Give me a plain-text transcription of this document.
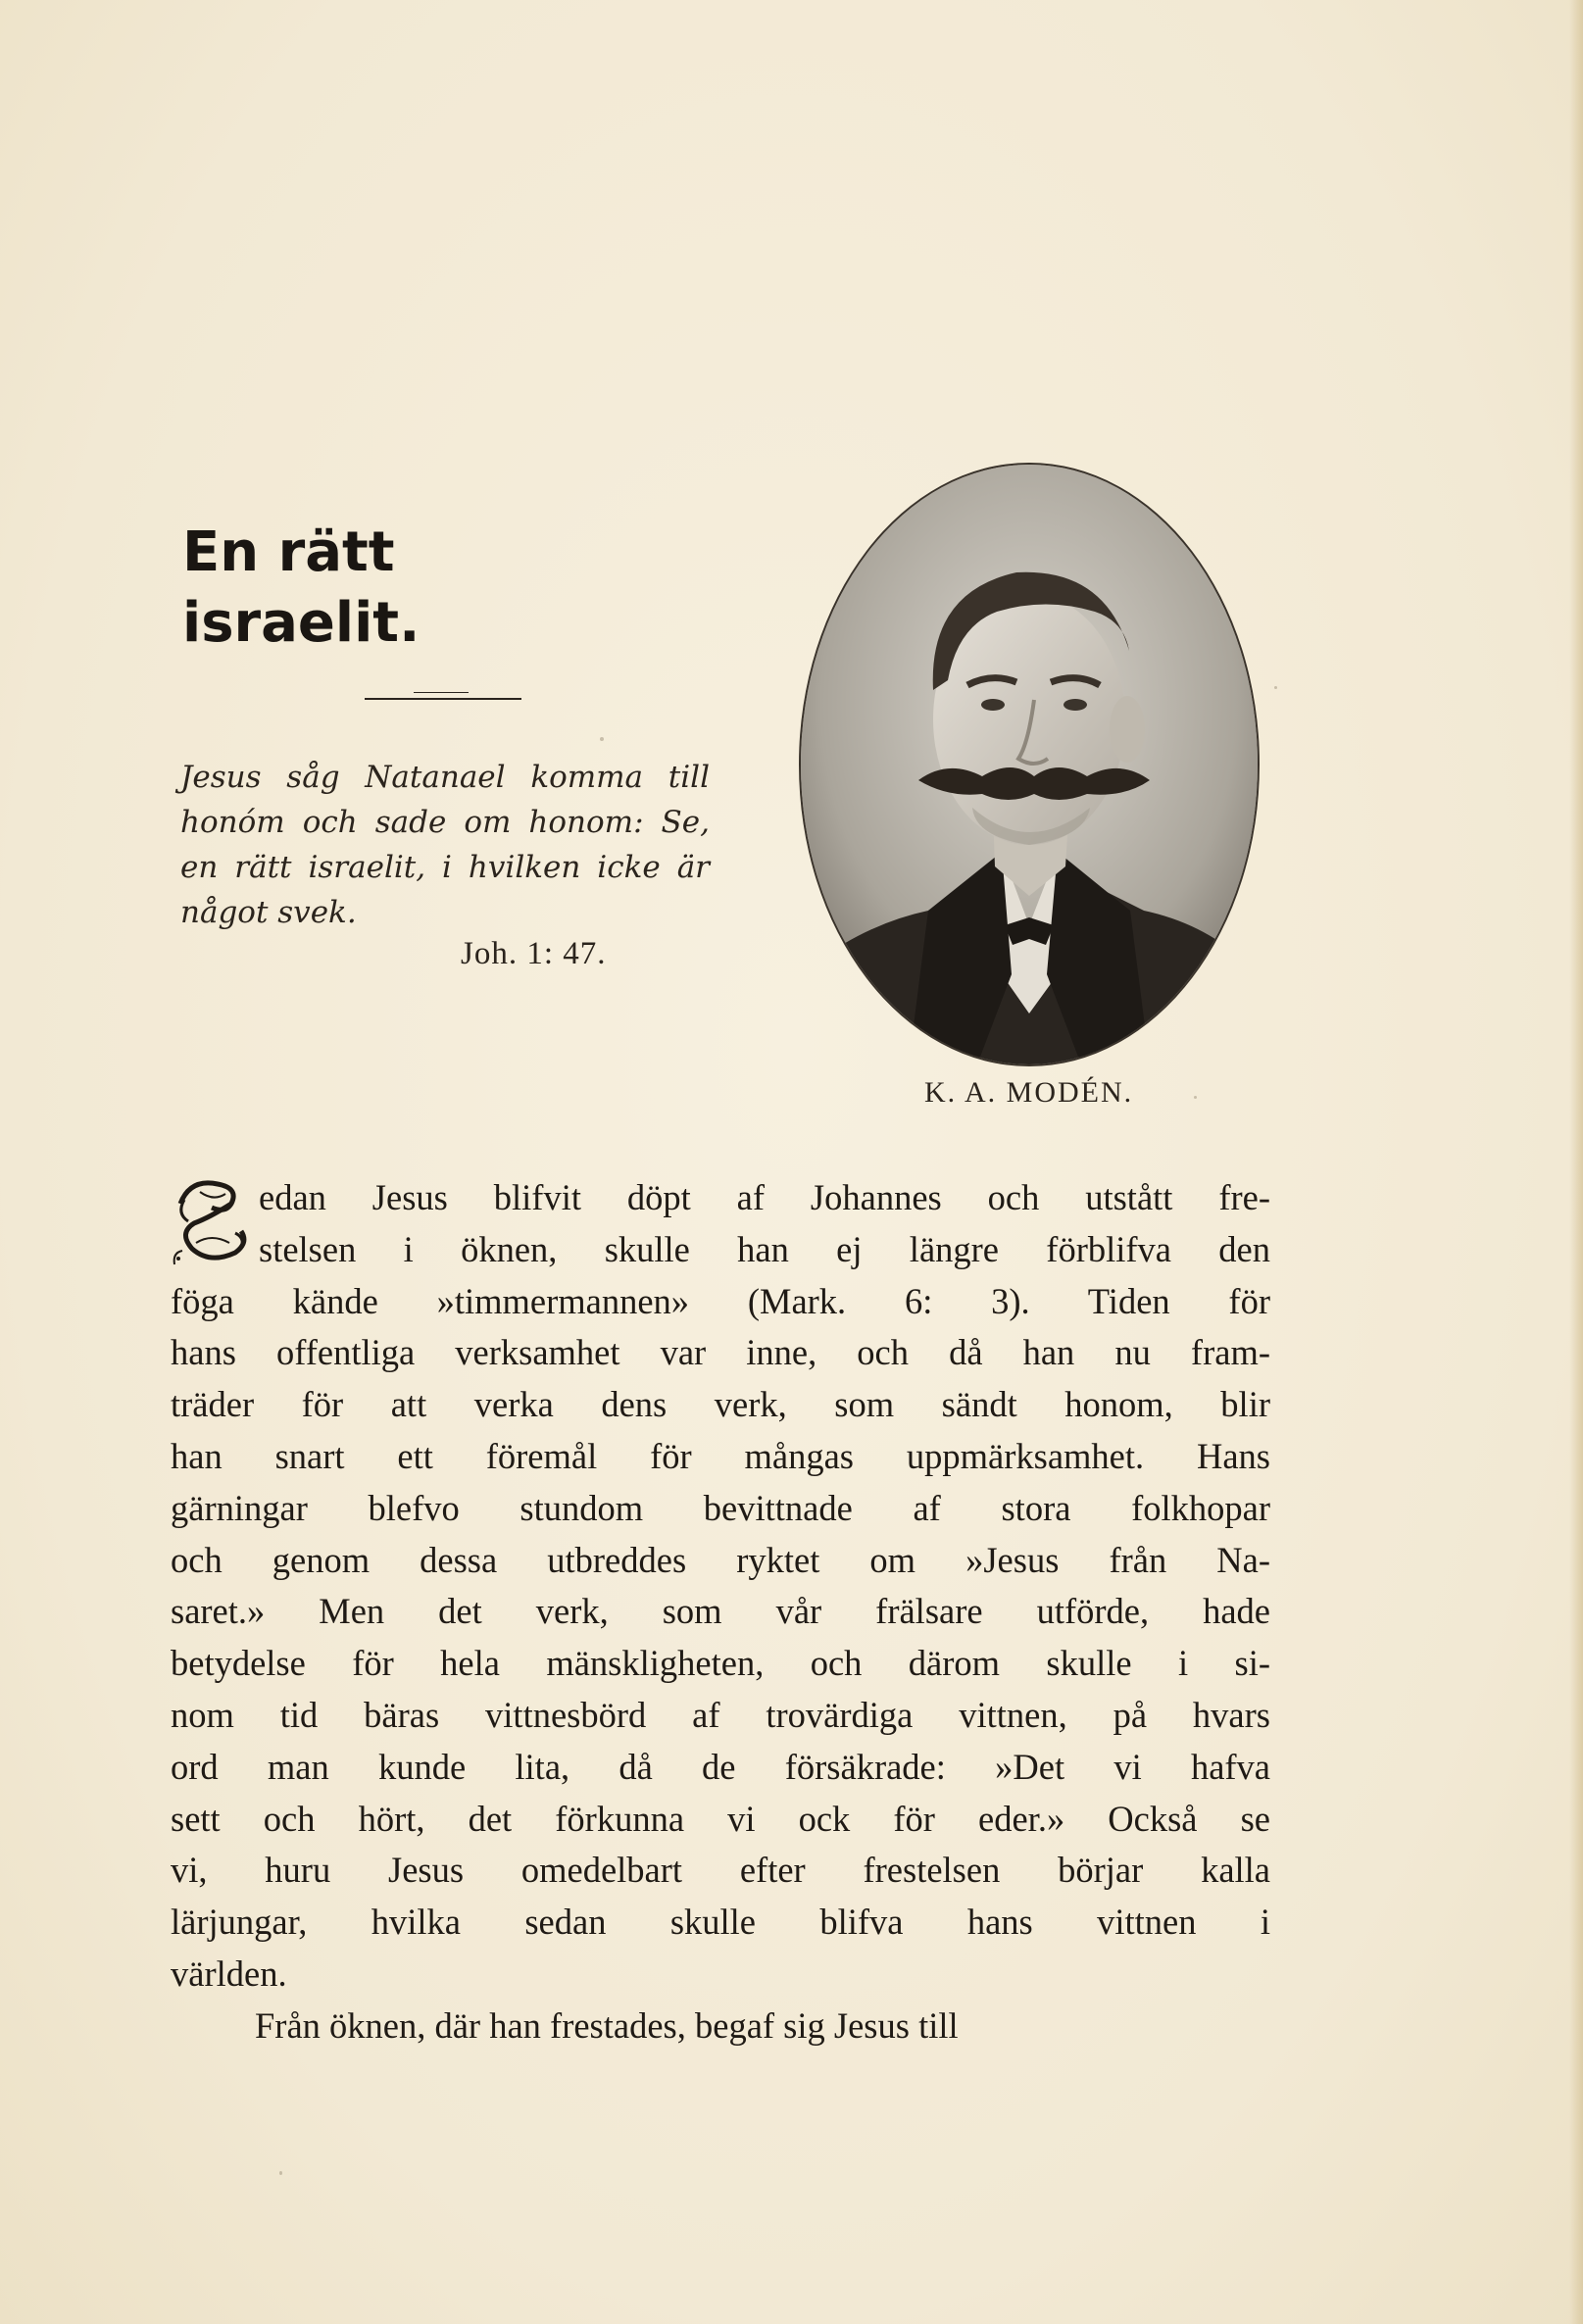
En rätt
israelit.
Jesus såg Natanael komma till honóm och sade om honom: Se, en rätt israelit, i hvilken icke är något svek.
Joh. 1: 47.
K. A. MODÉN.
edan Jesus blifvit döpt af Johannes och utstått fre-
stelsen i öknen, skulle han ej längre förblifva den
föga kände »timmermannen» (Mark. 6: 3). Tiden för
hans offentliga verksamhet var inne, och då han nu fram-
träder för att verka dens verk, som sändt honom, blir
han snart ett föremål för mångas uppmärksamhet. Hans
gärningar blefvo stundom bevittnade af stora folkhopar
och genom dessa utbreddes ryktet om »Jesus från Na-
saret.» Men det verk, som vår frälsare utförde, hade
betydelse för hela mänskligheten, och därom skulle i si-
nom tid bäras vittnesbörd af trovärdiga vittnen, på hvars
ord man kunde lita, då de försäkrade: »Det vi hafva
sett och hört, det förkunna vi ock för eder.» Också se
vi, huru Jesus omedelbart efter frestelsen börjar kalla
lärjungar, hvilka sedan skulle blifva hans vittnen i
världen.
Från öknen, där han frestades, begaf sig Jesus till
